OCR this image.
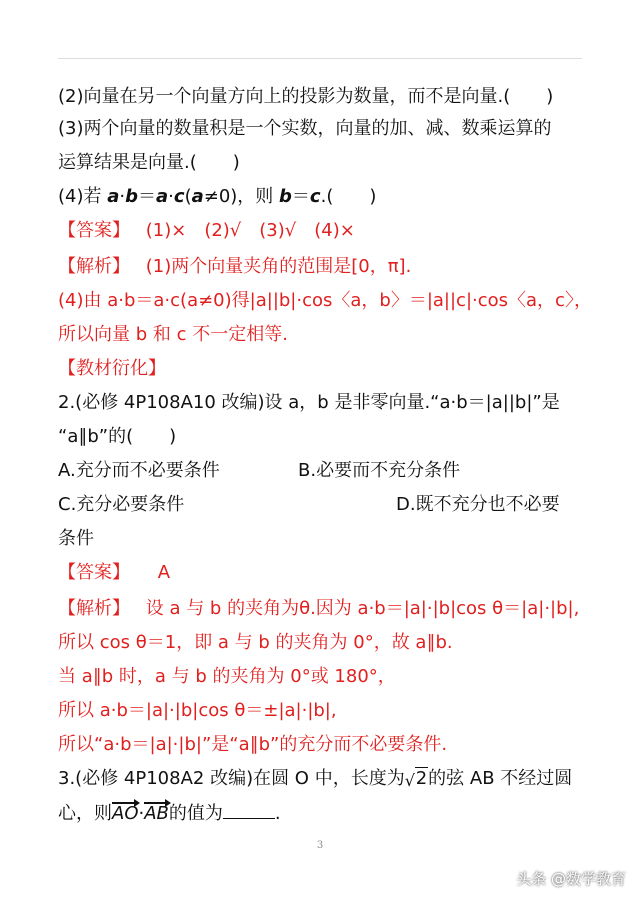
(2)向量在另一个向量方向上的投影为数量，而不是向量.(　　)
(3)两个向量的数量积是一个实数，向量的加、减、数乘运算的
运算结果是向量.(　　)
(4)若 a·b＝a·c(a≠0)，则 b＝c.(　　)
【答案】 (1)×　(2)√　(3)√　(4)×
【解析】 (1)两个向量夹角的范围是[0，π].
(4)由 a·b＝a·c(a≠0)得|a||b|·cos〈a，b〉＝|a||c|·cos〈a，c〉，
所以向量 b 和 c 不一定相等.
【教材衍化】
2.(必修 4P108A10 改编)设 a，b 是非零向量.“a·b＝|a||b|”是
“a∥b”的(　　)
A.充分而不必要条件	B.必要而不充分条件
C.充分必要条件	D.既不充分也不必要
条件
【答案】 A
【解析】 设 a 与 b 的夹角为θ.因为 a·b＝|a|·|b|cos θ＝|a|·|b|,
所以 cos θ＝1，即 a 与 b 的夹角为 0°，故 a∥b.
当 a∥b 时，a 与 b 的夹角为 0°或 180°，
所以 a·b＝|a|·|b|cos θ＝±|a|·|b|,
所以“a·b＝|a|·|b|”是“a∥b”的充分而不必要条件.
3.(必修 4P108A2 改编)在圆 O 中，长度为 √ 2的弦 AB 不经过圆
心，则AO·AB的值为	.
3
头条 @数学教育
